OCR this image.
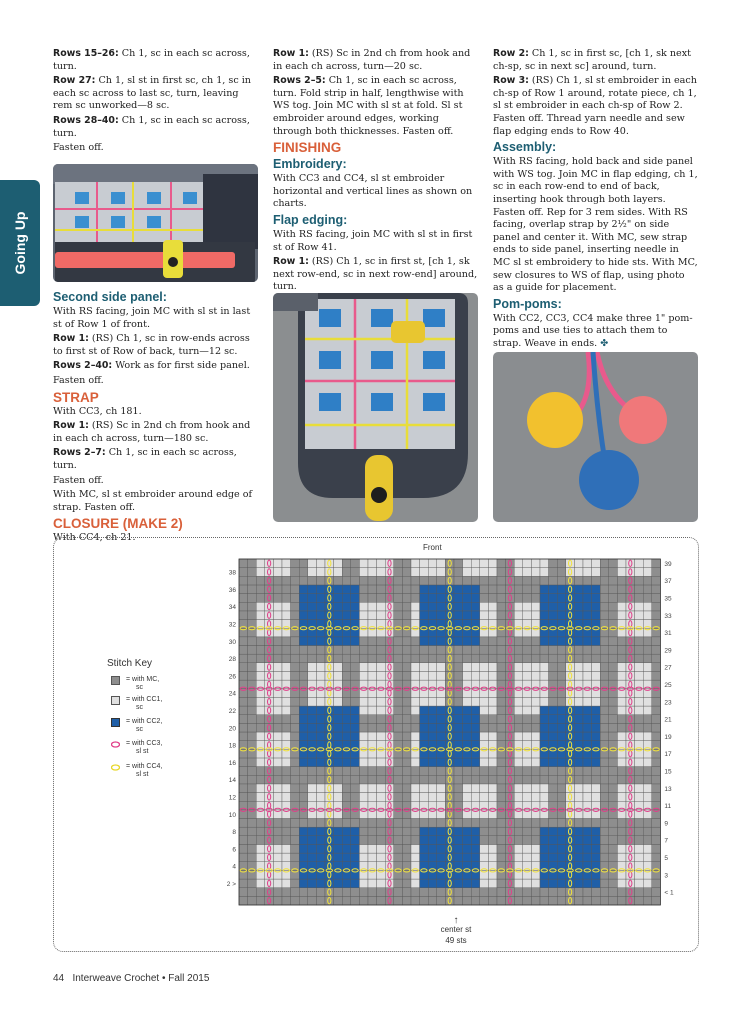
Going Up

Rows 15–26: Ch 1, sc in each sc across, turn.

Row 27: Ch 1, sl st in first sc, ch 1, sc in each sc across to last sc, turn, leaving rem sc unworked—8 sc.

Rows 28–40: Ch 1, sc in each sc across, turn.

Fasten off.

Second side panel:

With RS facing, join MC with sl st in last st of Row 1 of front.

Row 1: (RS) Ch 1, sc in row-ends across to first st of Row of back, turn—12 sc.

Rows 2–40: Work as for first side panel.

Fasten off.

STRAP

With CC3, ch 181.

Row 1: (RS) Sc in 2nd ch from hook and in each ch across, turn—180 sc.

Rows 2–7: Ch 1, sc in each sc across, turn.

Fasten off.

With MC, sl st embroider around edge of strap. Fasten off.

CLOSURE (MAKE 2)

With CC4, ch 21.

Row 1: (RS) Sc in 2nd ch from hook and in each ch across, turn—20 sc.

Rows 2–5: Ch 1, sc in each sc across, turn. Fold strip in half, lengthwise with WS tog. Join MC with sl st at fold. Sl st embroider around edges, working through both thicknesses. Fasten off.

FINISHING
Embroidery:

With CC3 and CC4, sl st embroider horizontal and vertical lines as shown on charts.

Flap edging:

With RS facing, join MC with sl st in first st of Row 41.

Row 1: (RS) Ch 1, sc in first st, [ch 1, sk next row-end, sc in next row-end] around, turn.

Row 2: Ch 1, sc in first sc, [ch 1, sk next ch-sp, sc in next sc] around, turn.

Row 3: (RS) Ch 1, sl st embroider in each ch-sp of Row 1 around, rotate piece, ch 1, sl st embroider in each ch-sp of Row 2. Fasten off. Thread yarn needle and sew flap edging ends to Row 40.

Assembly:

With RS facing, hold back and side panel with WS tog. Join MC in flap edging, ch 1, sc in each row-end to end of back, inserting hook through both layers. Fasten off. Rep for 3 rem sides. With RS facing, overlap strap by 2½" on side panel and center it. With MC, sew strap ends to side panel, inserting needle in MC sl st embroidery to hide sts. With MC, sew closures to WS of flap, using photo as a guide for placement.

Pom-poms:

With CC2, CC3, CC4 make three 1" pom-poms and use ties to attach them to strap. Weave in ends. ✤

Front
Stitch Key
= with MC,
sc
= with CC1,
sc
= with CC2,
sc
= with CC3,
sl st
= with CC4,
sl st
39
37
35
33
31
29
27
25
23
21
19
17
15
13
11
9
7
5
3
< 1
38
36
34
32
30
28
26
24
22
20
18
16
14
12
10
8
6
4
2 >
↑
center st
49 sts
44 Interweave Crochet • Fall 2015
